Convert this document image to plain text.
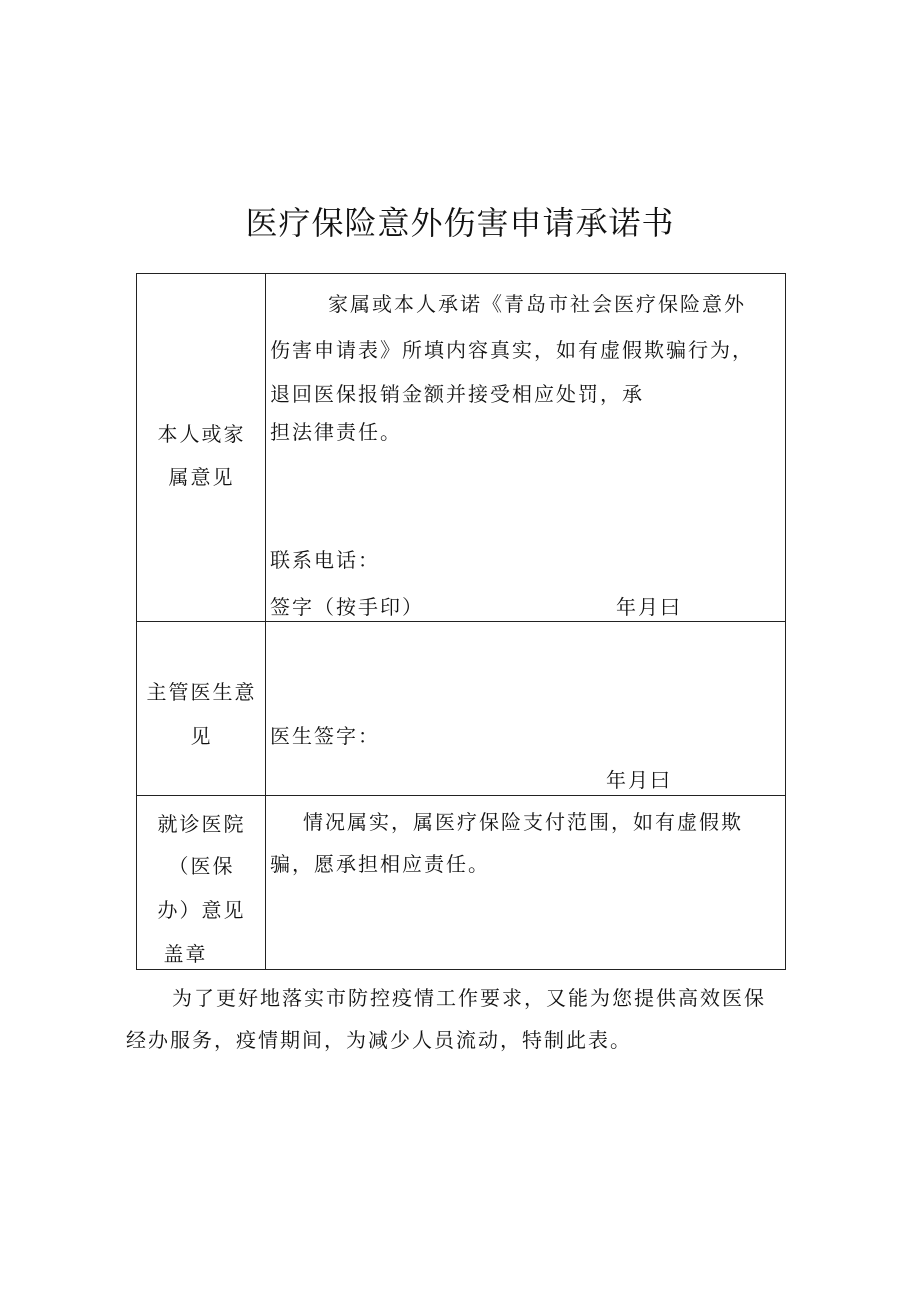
医疗保险意外伤害申请承诺书
本人或家
属意见
家属或本人承诺《青岛市社会医疗保险意外
伤害申请表》所填内容真实，如有虚假欺骗行为，
退回医保报销金额并接受相应处罚，承
担法律责任。
联系电话：
签字（按手印）	年月曰
主管医生意
见	医生签字：
年月曰
就诊医院
（医保
办）意见
盖章
情况属实，属医疗保险支付范围，如有虚假欺
骗，愿承担相应责任。
为了更好地落实市防控疫情工作要求，又能为您提供高效医保
经办服务，疫情期间，为减少人员流动，特制此表。
